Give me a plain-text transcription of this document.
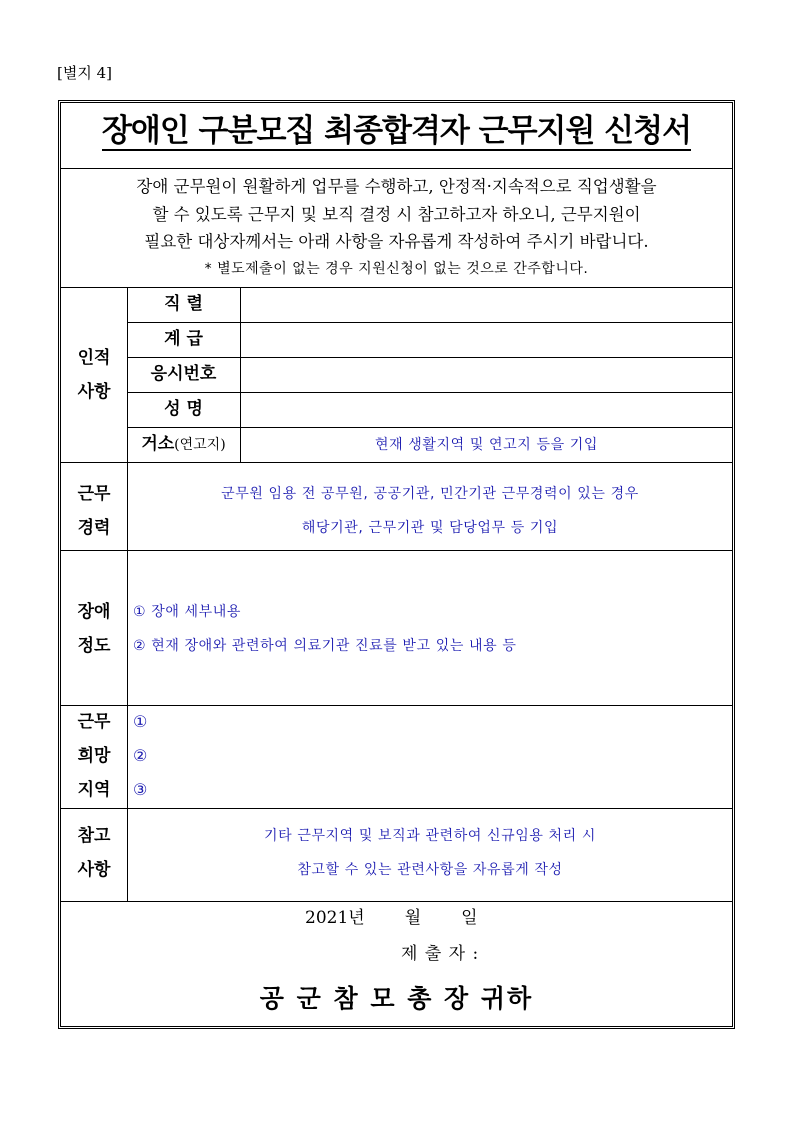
[별지 4]
장애인 구분모집 최종합격자 근무지원 신청서

장애 군무원이 원활하게 업무를 수행하고, 안정적·지속적으로 직업생활을

할 수 있도록 근무지 및 보직 결정 시 참고하고자 하오니, 근무지원이

필요한 대상자께서는 아래 사항을 자유롭게 작성하여 주시기 바랍니다.

* 별도제출이 없는 경우 지원신청이 없는 것으로 간주합니다.

직 렬
계 급
응시번호
성 명
거소(연고지)	현재 생활지역 및 연고지 등을 기입
인적
사항
근무
경력
군무원 임용 전 공무원, 공공기관, 민간기관 근무경력이 있는 경우
해당기관, 근무기관 및 담당업무 등 기입
장애
정도
① 장애 세부내용
② 현재 장애와 관련하여 의료기관 진료를 받고 있는 내용 등
근무
희망
지역
①
②
③
참고
사항
기타 근무지역 및 보직과 관련하여 신규임용 처리 시
참고할 수 있는 관련사항을 자유롭게 작성
2021년 월 일
제 출 자 :
공 군 참 모 총 장 귀하
